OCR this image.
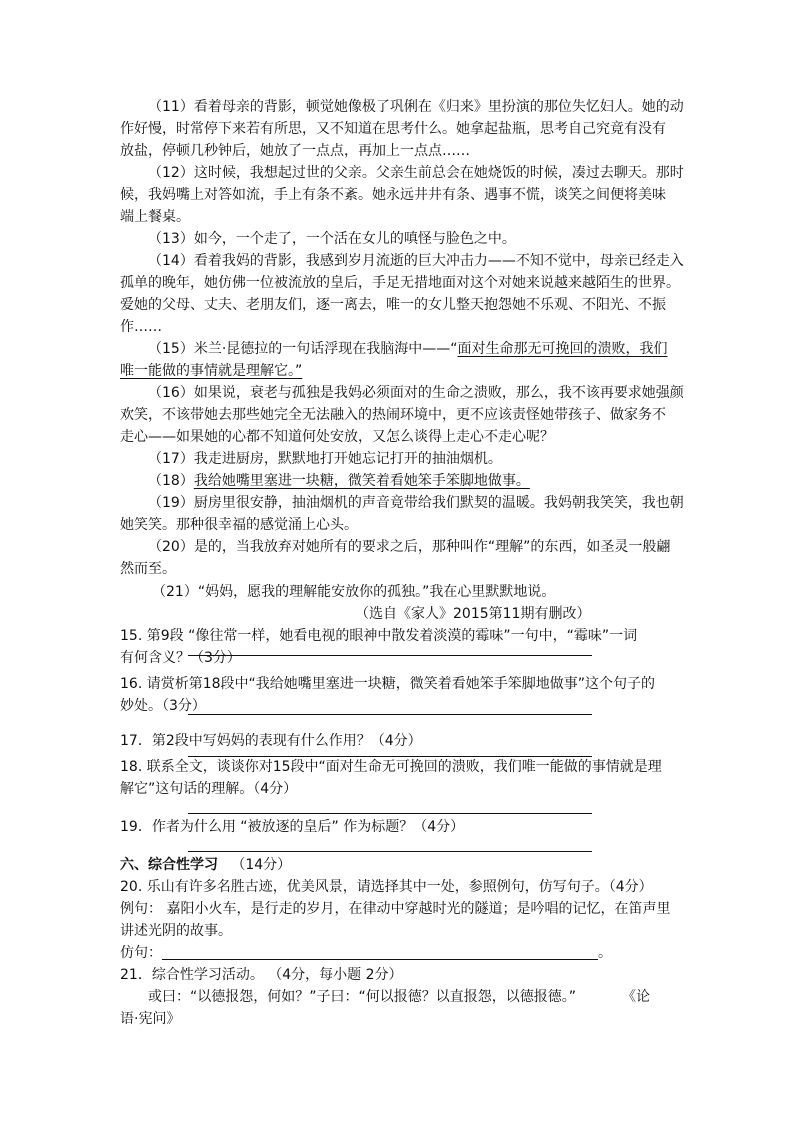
（11）看着母亲的背影，顿觉她像极了巩俐在《归来》里扮演的那位失忆妇人。她的动
作好慢，时常停下来若有所思，又不知道在思考什么。她拿起盐瓶，思考自己究竟有没有
放盐，停顿几秒钟后，她放了一点点，再加上一点点……
（12）这时候，我想起过世的父亲。父亲生前总会在她烧饭的时候，凑过去聊天。那时
候，我妈嘴上对答如流，手上有条不紊。她永远井井有条、遇事不慌，谈笑之间便将美味
端上餐桌。
（13）如今，一个走了，一个活在女儿的嗔怪与脸色之中。
（14）看着我妈的背影，我感到岁月流逝的巨大冲击力——不知不觉中，母亲已经走入
孤单的晚年，她仿佛一位被流放的皇后，手足无措地面对这个对她来说越来越陌生的世界。
爱她的父母、丈夫、老朋友们，逐一离去，唯一的女儿整天抱怨她不乐观、不阳光、不振
作……
（15）米兰·昆德拉的一句话浮现在我脑海中——“面对生命那无可挽回的溃败，我们
唯一能做的事情就是理解它。”
（16）如果说，衰老与孤独是我妈必须面对的生命之溃败，那么，我不该再要求她强颜
欢笑，不该带她去那些她完全无法融入的热闹环境中，更不应该责怪她带孩子、做家务不
走心——如果她的心都不知道何处安放，又怎么谈得上走心不走心呢？
（17）我走进厨房，默默地打开她忘记打开的抽油烟机。
（18）我给她嘴里塞进一块糖，微笑着看她笨手笨脚地做事。
（19）厨房里很安静，抽油烟机的声音竟带给我们默契的温暖。我妈朝我笑笑，我也朝
她笑笑。那种很幸福的感觉涌上心头。
（20）是的，当我放弃对她所有的要求之后，那种叫作“理解”的东西，如圣灵一般翩
然而至。
（21）“妈妈，愿我的理解能安放你的孤独。”我在心里默默地说。
（选自《家人》2015第11期有删改）
15. 第9段 “像往常一样，她看电视的眼神中散发着淡漠的霉味”一句中，“霉味”一词
有何含义？（3分）
16. 请赏析第18段中“我给她嘴里塞进一块糖，微笑着看她笨手笨脚地做事”这个句子的
妙处。（3分）
17．第2段中写妈妈的表现有什么作用？（4分）
18. 联系全文，谈谈你对15段中“面对生命无可挽回的溃败，我们唯一能做的事情就是理
解它”这句话的理解。（4分）
19．作者为什么用 “被放逐的皇后” 作为标题？（4分）
六、综合性学习 （14分）
20. 乐山有许多名胜古迹，优美风景，请选择其中一处，参照例句，仿写句子。（4分）
例句： 嘉阳小火车，是行走的岁月，在律动中穿越时光的隧道；是吟唱的记忆，在笛声里
讲述光阴的故事。
仿句：	。
21．综合性学习活动。 （4分，每小题 2分）
或曰：“以德报怨，何如？”子曰：“何以报德？以直报怨，以德报德。”	《论
语·宪问》
